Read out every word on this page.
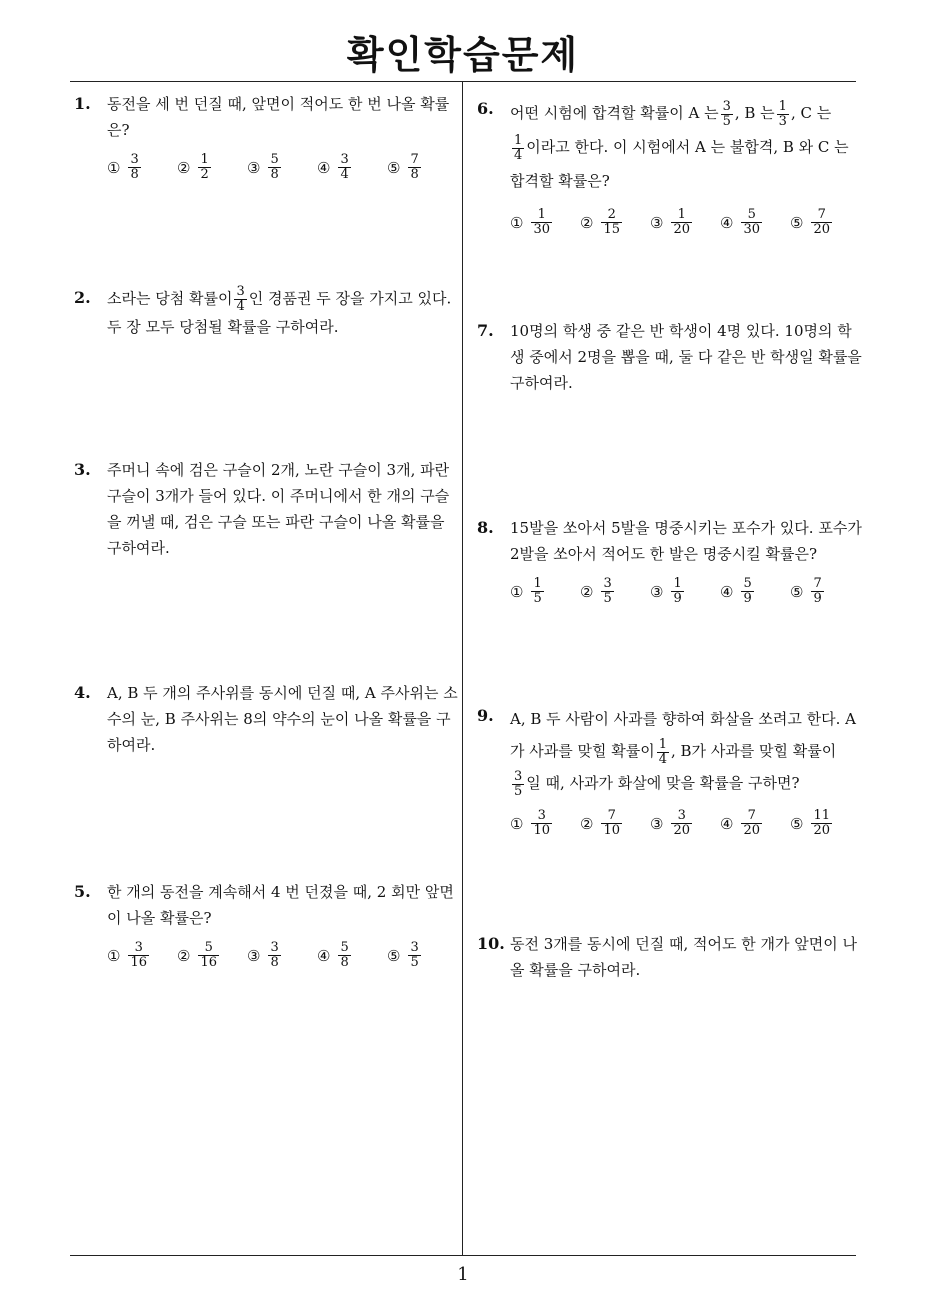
확인학습문제
1
1. 동전을 세 번 던질 때, 앞면이 적어도 한 번 나올 확률은?
① $\frac{3}{8}$ ② $\frac{1}{2}$ ③ $\frac{5}{8}$ ④ $\frac{3}{4}$ ⑤ $\frac{7}{8}$
2. 소라는 당첨 확률이 $\frac{3}{4}$ 인 경품권 두 장을 가지고 있다. 두 장 모두 당첨될 확률을 구하여라.
3. 주머니 속에 검은 구슬이 2개, 노란 구슬이 3개, 파란 구슬이 3개가 들어 있다. 이 주머니에서 한 개의 구슬을 꺼낼 때, 검은 구슬 또는 파란 구슬이 나올 확률을 구하여라.
4. A, B 두 개의 주사위를 동시에 던질 때, A 주사위는 소수의 눈, B 주사위는 8의 약수의 눈이 나올 확률을 구하여라.
5. 한 개의 동전을 계속해서 4 번 던졌을 때, 2 회만 앞면이 나올 확률은?
① $\frac{3}{16}$ ② $\frac{5}{16}$ ③ $\frac{3}{8}$ ④ $\frac{5}{8}$ ⑤ $\frac{3}{5}$
6. 어떤 시험에 합격할 확률이 A 는 $\frac{3}{5}$ , B 는 $\frac{1}{3}$ , C 는

$\frac{1}{4}$ 이라고 한다. 이 시험에서 A 는 불합격, B 와 C 는 합격할 확률은?
① $\frac{1}{30}$ ② $\frac{2}{15}$ ③ $\frac{1}{20}$ ④ $\frac{5}{30}$ ⑤ $\frac{7}{20}$
7. 10명의 학생 중 같은 반 학생이 4명 있다. 10명의 학생 중에서 2명을 뽑을 때, 둘 다 같은 반 학생일 확률을 구하여라.
8. 15발을 쏘아서 5발을 명중시키는 포수가 있다. 포수가 2발을 쏘아서 적어도 한 발은 명중시킬 확률은?
① $\frac{1}{5}$ ② $\frac{3}{5}$ ③ $\frac{1}{9}$ ④ $\frac{5}{9}$ ⑤ $\frac{7}{9}$
9. A, B 두 사람이 사과를 향하여 화살을 쏘려고 한다. A가 사과를 맞힐 확률이 $\frac{1}{4}$ , B가 사과를 맞힐 확률이

$\frac{3}{5}$ 일 때, 사과가 화살에 맞을 확률을 구하면?
① $\frac{3}{10}$ ② $\frac{7}{10}$ ③ $\frac{3}{20}$ ④ $\frac{7}{20}$ ⑤ $\frac{11}{20}$
10. 동전 3개를 동시에 던질 때, 적어도 한 개가 앞면이 나올 확률을 구하여라.
